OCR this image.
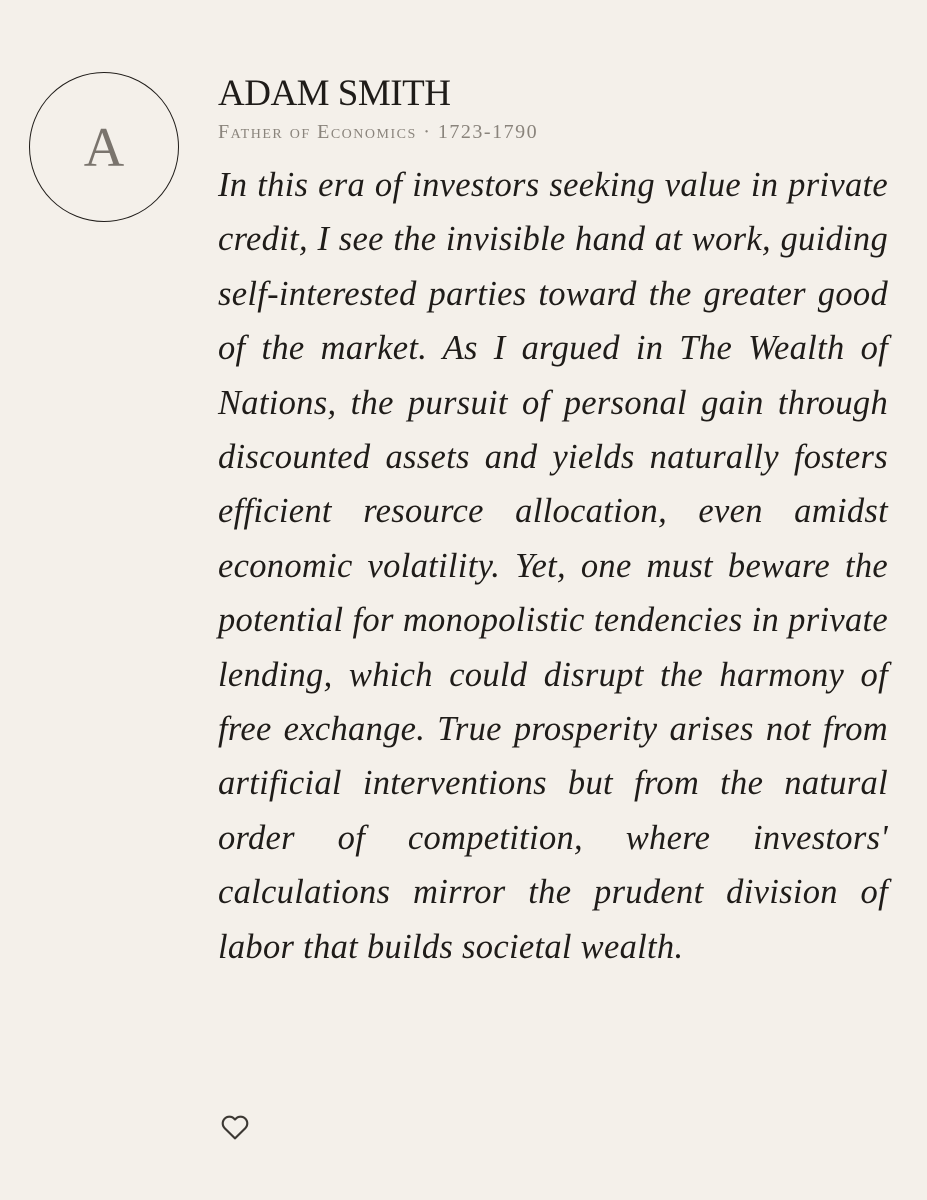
A
ADAM SMITH
Father of Economics · 1723-1790
In this era of investors seeking value in private credit, I see the invisible hand at work, guiding self-interested parties toward the greater good of the market. As I argued in The Wealth of Nations, the pursuit of personal gain through discounted assets and yields naturally fosters efficient resource allocation, even amidst economic volatility. Yet, one must beware the potential for monopolistic tendencies in private lending, which could disrupt the harmony of free exchange. True prosperity arises not from artificial interventions but from the natural order of competition, where investors' calculations mirror the prudent division of labor that builds societal wealth.
